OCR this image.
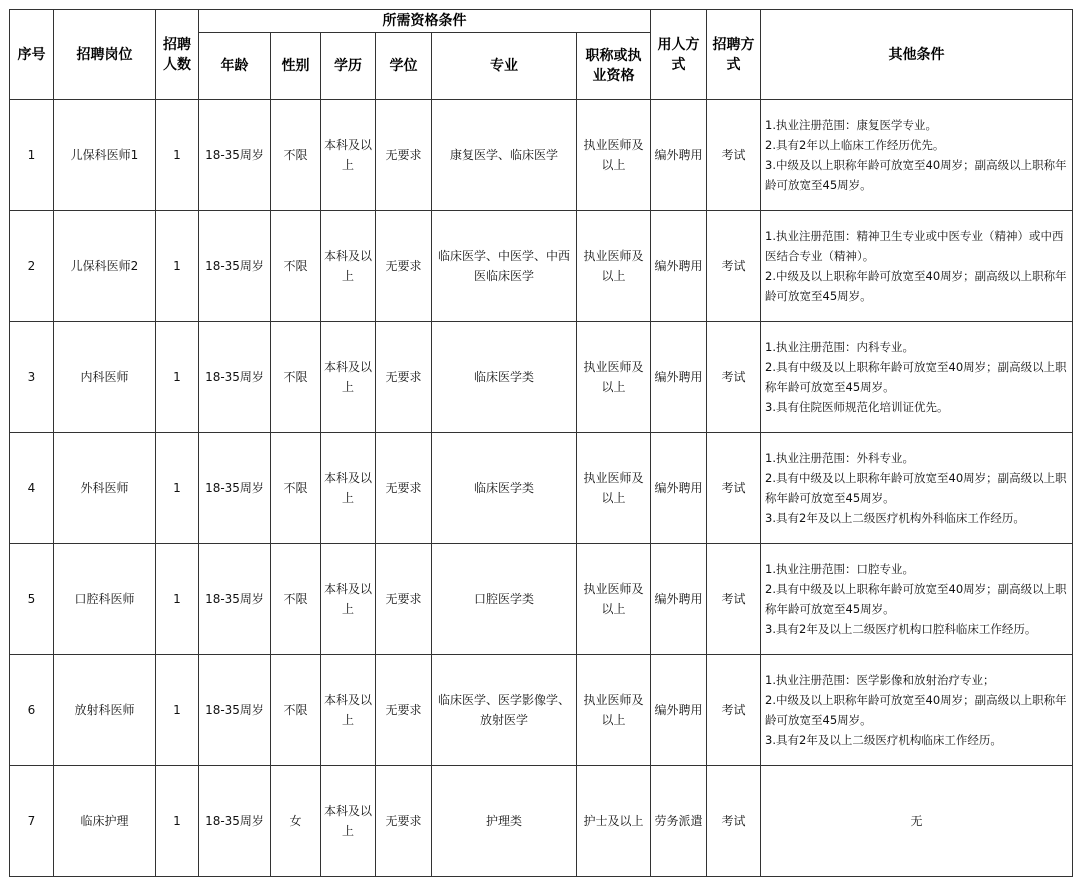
序号	招聘岗位	招聘人数	所需资格条件						用人方式	招聘方式	其他条件
			年龄	性别	学历	学位	专业	职称或执业资格			
1	儿保科医师1	1	18-35周岁	不限	本科及以上	无要求	康复医学、临床医学	执业医师及以上	编外聘用	考试	1.执业注册范围：康复医学专业。
2.具有2年以上临床工作经历优先。
3.中级及以上职称年龄可放宽至40周岁；副高级以上职称年龄可放宽至45周岁。
2	儿保科医师2	1	18-35周岁	不限	本科及以上	无要求	临床医学、中医学、中西医临床医学	执业医师及以上	编外聘用	考试	1.执业注册范围：精神卫生专业或中医专业（精神）或中西医结合专业（精神）。
2.中级及以上职称年龄可放宽至40周岁；副高级以上职称年龄可放宽至45周岁。
3	内科医师	1	18-35周岁	不限	本科及以上	无要求	临床医学类	执业医师及以上	编外聘用	考试	1.执业注册范围：内科专业。
2.具有中级及以上职称年龄可放宽至40周岁；副高级以上职称年龄可放宽至45周岁。
3.具有住院医师规范化培训证优先。
4	外科医师	1	18-35周岁	不限	本科及以上	无要求	临床医学类	执业医师及以上	编外聘用	考试	1.执业注册范围：外科专业。
2.具有中级及以上职称年龄可放宽至40周岁；副高级以上职称年龄可放宽至45周岁。
3.具有2年及以上二级医疗机构外科临床工作经历。
5	口腔科医师	1	18-35周岁	不限	本科及以上	无要求	口腔医学类	执业医师及以上	编外聘用	考试	1.执业注册范围：口腔专业。
2.具有中级及以上职称年龄可放宽至40周岁；副高级以上职称年龄可放宽至45周岁。
3.具有2年及以上二级医疗机构口腔科临床工作经历。
6	放射科医师	1	18-35周岁	不限	本科及以上	无要求	临床医学、医学影像学、放射医学	执业医师及以上	编外聘用	考试	1.执业注册范围：医学影像和放射治疗专业；
2.中级及以上职称年龄可放宽至40周岁；副高级以上职称年龄可放宽至45周岁。
3.具有2年及以上二级医疗机构临床工作经历。
7	临床护理	1	18-35周岁	女	本科及以上	无要求	护理类	护士及以上	劳务派遣	考试	无
